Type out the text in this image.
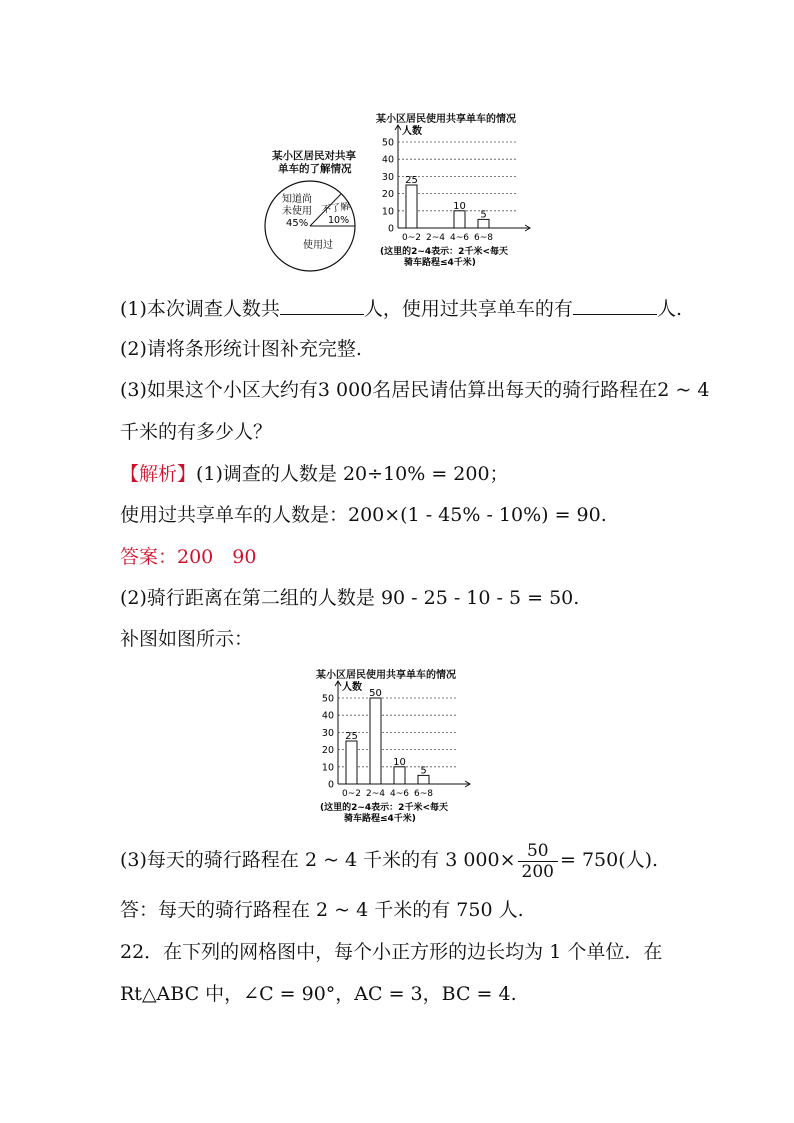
某小区居民对共享
单车的了解情况
不了解
10%
知道尚
未使用
45%
使用过
某小区居民使用共享单车的情况
人数
0
10
20
30
40
50
25
0~2 2~4
10
4~6
5
6~8
(这里的2~4表示：2千米<每天
骑车路程≤4千米)
(1)本次调查人数共	人，使用过共享单车的有	人.
(2)请将条形统计图补充完整.
(3)如果这个小区大约有3 000名居民请估算出每天的骑行路程在2 ~ 4
千米的有多少人？
【解析】(1)调查的人数是 20÷10% = 200；
使用过共享单车的人数是：200×(1 - 45% - 10%) = 90.
答案：200　90
(2)骑行距离在第二组的人数是 90 - 25 - 10 - 5 = 50.
补图如图所示：
某小区居民使用共享单车的情况
人数
0
10
20
30
40
50
25
0~2
50
2~4
10
4~6
5
6~8
(这里的2~4表示：2千米<每天
骑车路程≤4千米)
(3)每天的骑行路程在 2 ~ 4 千米的有 3 $000\times \frac{50}{200} = 750$(人).
答：每天的骑行路程在 2 ~ 4 千米的有 750 人.
22．在下列的网格图中，每个小正方形的边长均为 1 个单位．在
Rt△ABC 中，∠C = 90°，AC = 3，BC = 4.
